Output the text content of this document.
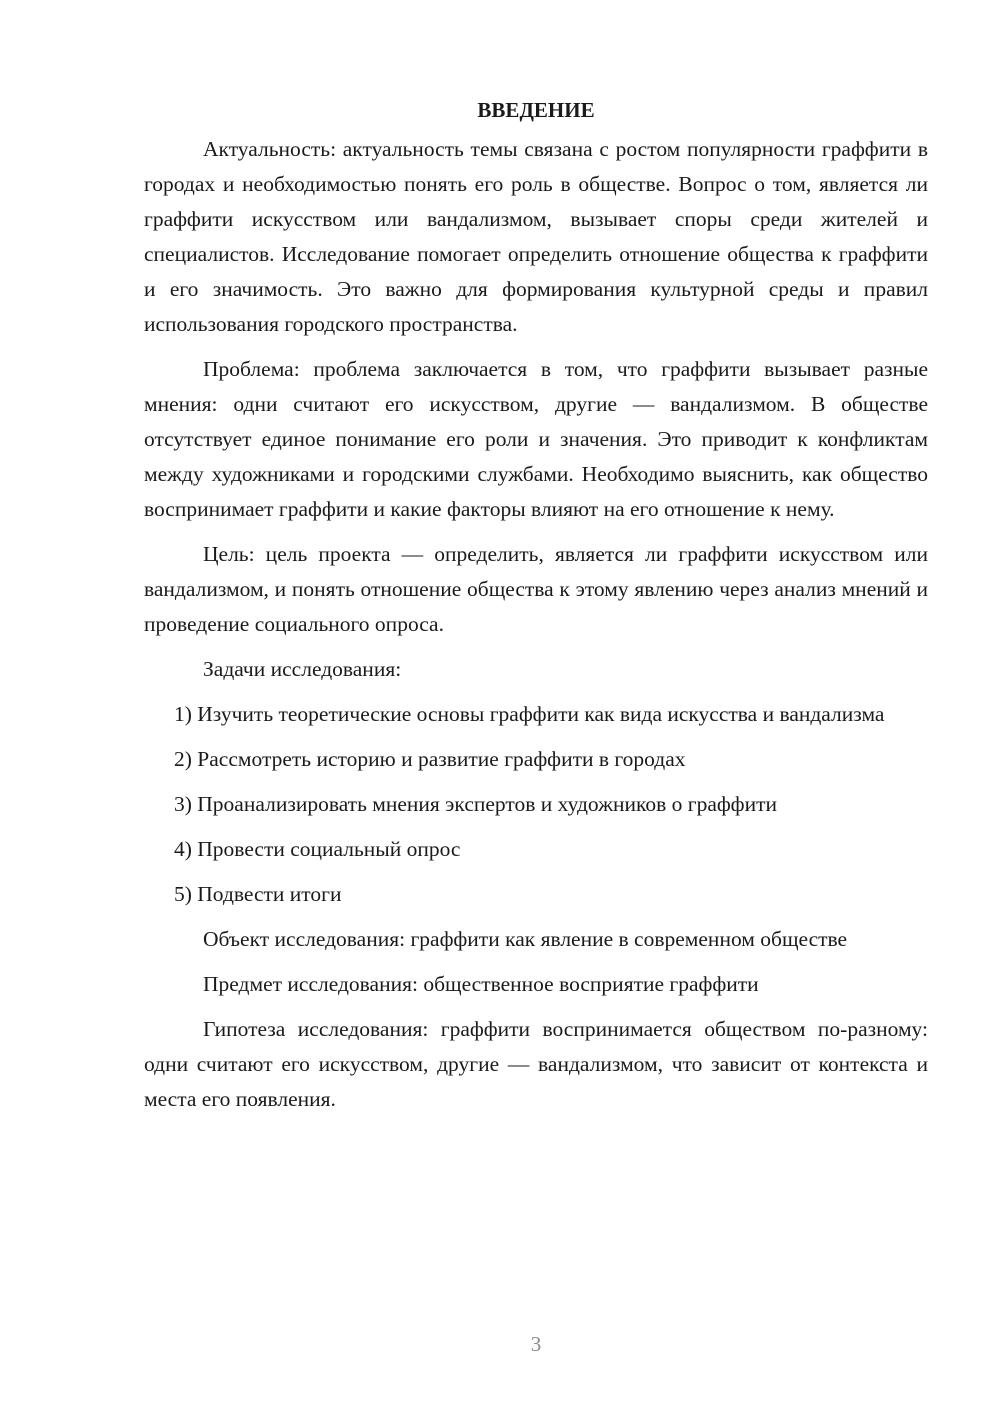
ВВЕДЕНИЕ

Актуальность: актуальность темы связана с ростом популярности граффити в городах и необходимостью понять его роль в обществе. Вопрос о том, является ли граффити искусством или вандализмом, вызывает споры среди жителей и специалистов. Исследование помогает определить отношение общества к граффити и его значимость. Это важно для формирования культурной среды и правил использования городского пространства.

Проблема: проблема заключается в том, что граффити вызывает разные мнения: одни считают его искусством, другие — вандализмом. В обществе отсутствует единое понимание его роли и значения. Это приводит к конфликтам между художниками и городскими службами. Необходимо выяснить, как общество воспринимает граффити и какие факторы влияют на его отношение к нему.

Цель: цель проекта — определить, является ли граффити искусством или вандализмом, и понять отношение общества к этому явлению через анализ мнений и проведение социального опроса.

Задачи исследования:

1) Изучить теоретические основы граффити как вида искусства и вандализма

2) Рассмотреть историю и развитие граффити в городах

3) Проанализировать мнения экспертов и художников о граффити

4) Провести социальный опрос

5) Подвести итоги

Объект исследования: граффити как явление в современном обществе

Предмет исследования: общественное восприятие граффити

Гипотеза исследования: граффити воспринимается обществом по-разному: одни считают его искусством, другие — вандализмом, что зависит от контекста и места его появления.

3
